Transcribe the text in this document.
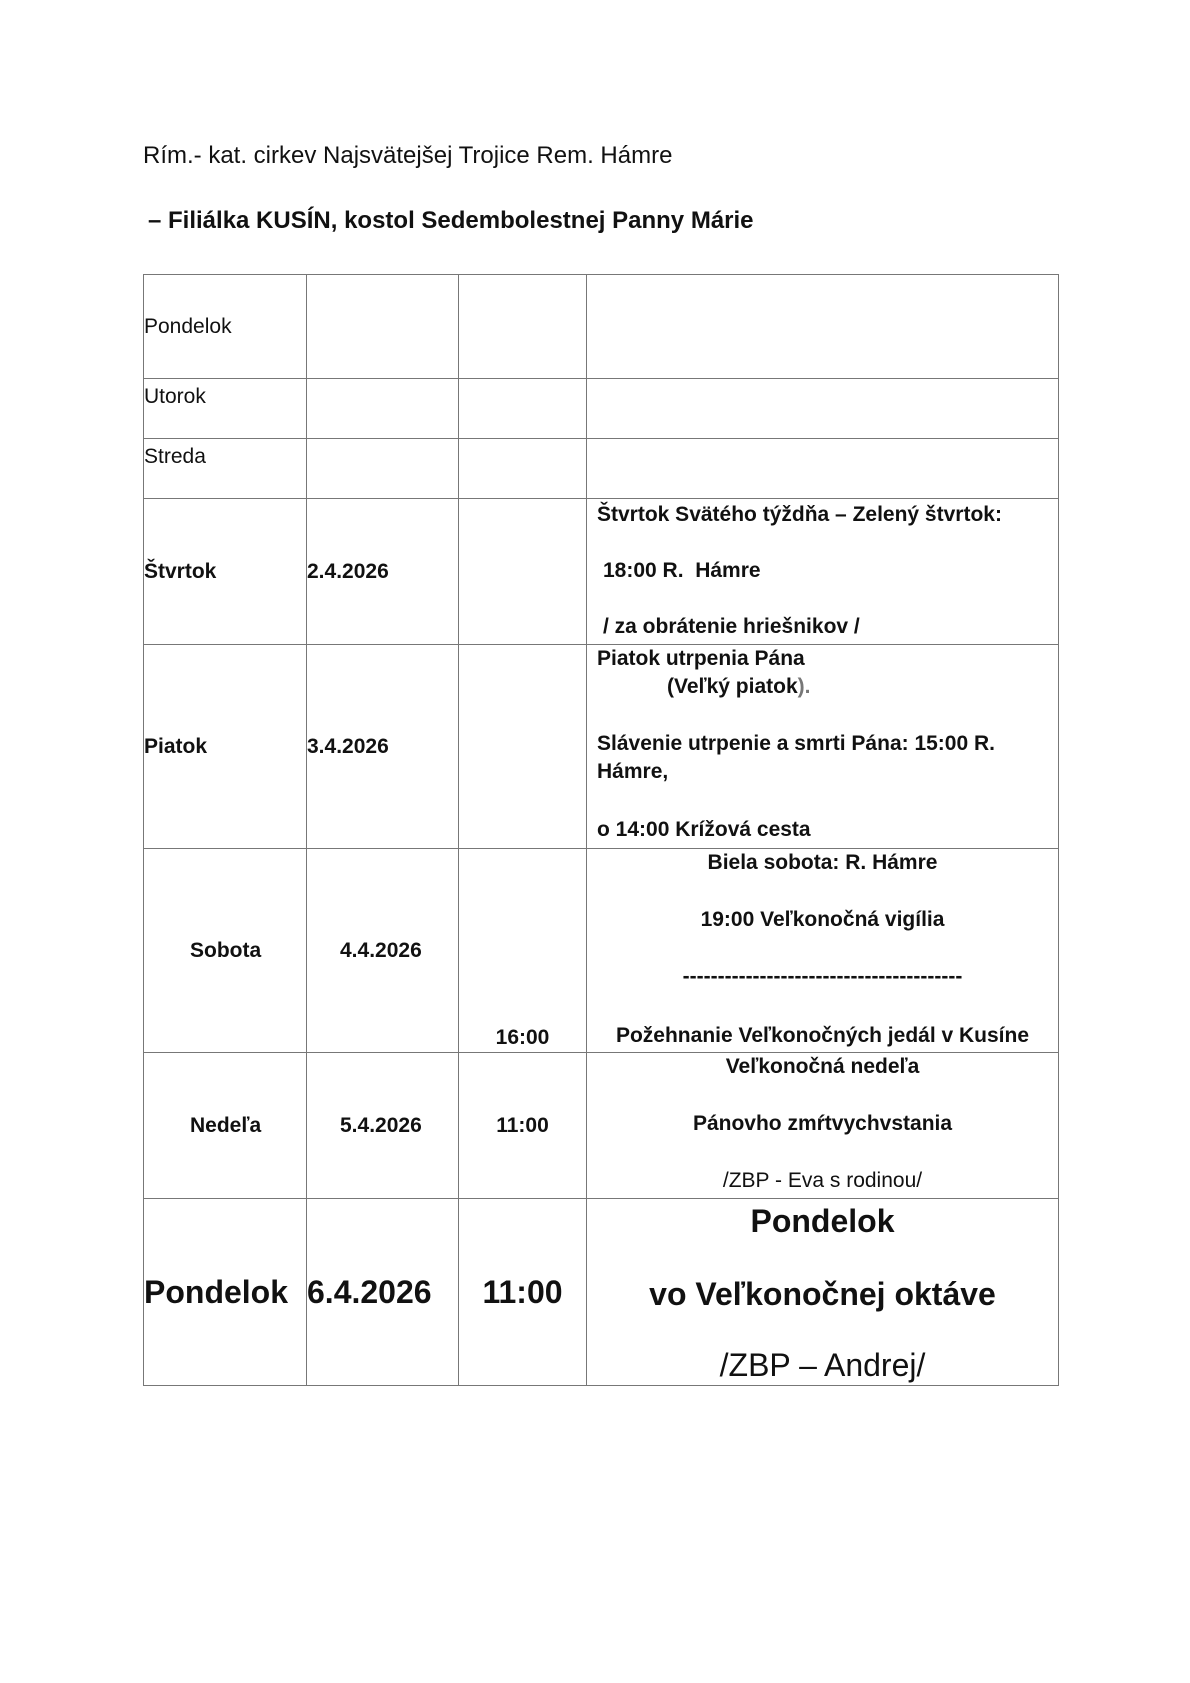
Rím.- kat. cirkev Najsvätejšej Trojice Rem. Hámre
– Filiálka KUSÍN, kostol Sedembolestnej Panny Márie
Pondelok			
Utorok			
Streda			
Štvrtok	2.4.2026		Štvrtok Svätého týždňa – Zelený štvrtok:
18:00 R.  Hámre
/ za obrátenie hriešnikov /

Piatok	3.4.2026		Piatok utrpenia Pána
(Veľký piatok).
Slávenie utrpenie a smrti Pána: 15:00 R. Hámre,
o 14:00 Krížová cesta

Sobota	4.4.2026	16:00	Biela sobota: R. Hámre
19:00 Veľkonočná vigília
----------------------------------------
Požehnanie Veľkonočných jedál v Kusíne

Nedeľa	5.4.2026	11:00	Veľkonočná nedeľa
Pánovho zmŕtvychvstania
/ZBP - Eva s rodinou/

Pondelok	6.4.2026	11:00	Pondelok
vo Veľkonočnej oktáve
/ZBP – Andrej/
